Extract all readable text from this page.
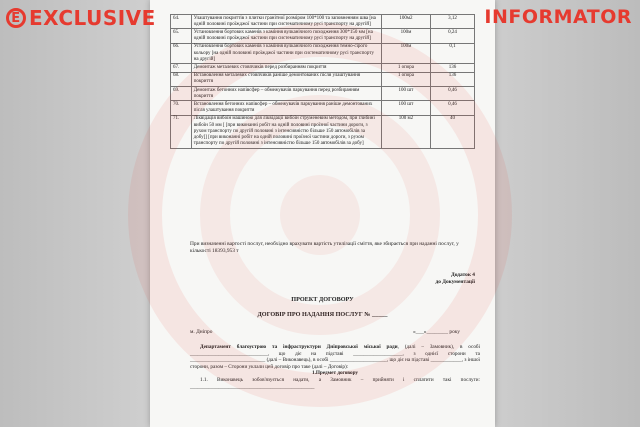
64.	Улаштування покриттів з плитки гранітної розміром 100*100 та заповненням шва [на одній половині проїжджої частини при систематичному русі транспорту на другій]	100м2	3,12
65.	Установлення бортових каменів з каміння вулканічного походження 300*150 мм [на одній половині проїжджої частини при систематичному русі транспорту на другій]	100м	0,24
66.	Установлення бортових каменів з каміння вулканічного походження темно-сірого кольору [на одній половині проїжджої частини при систематичному русі транспорту на другій]	100м	0,1
67.	Демонтаж металевих стовпчиків перед розбиранням покриття	1 опора	136
68.	Встановлення металевих стовпчиків раніше демонтованих після улаштування покриття	1 опора	136
69.	Демонтаж бетонних напівсфер – обмежувачів паркування перед розбиранням покриття	100 шт	0,46
70.	Встановлення бетонних напівсфер – обмежувачів паркування раніше демонтованих після улаштування покриття	100 шт	0,46
71.	Ліквідація вибоїн машиною для ліквідації вибоїн струменевим методом, при глибині вибоїн 50 мм [ [при виконанні робіт на одній половині проїзної частини дороги, з рухом транспорту по другій половині з інтенсивністю більше 150 автомобілів за добу]] [при виконанні робіт на одній половині проїзної частини дороги, з рухом транспорту по другій половині з інтенсивністю більше 150 автомобілів за добу]	100 м2	40
При визначенні вартості послуг, необхідно врахувати вартість утилізації сміття, яке збирається при наданні послуг, у кількості 18393,953 т
Додаток 4
до Документації
ПРОЕКТ ДОГОВОРУ
ДОГОВІР ПРО НАДАННЯ ПОСЛУГ № _____
м. Дніпро	«___»________ року
Департамент благоустрою та інфраструктури Дніпровської міської ради, (далі – Замовник), в особі ______________________________, що діє на підставі ___________________, з однієї сторони та _____________________________ (далі – Виконавець), в особі ______________________, що діє на підставі ____________, з іншої сторони, разом – Сторони уклали цей договір про таке (далі – Договір):
1.Предмет договору
1.1. Виконавець зобов'язується надати, а Замовник – прийняти і сплатити такі послуги: ________________________________________________
E EXCLUSIVE	INFORMATOR
